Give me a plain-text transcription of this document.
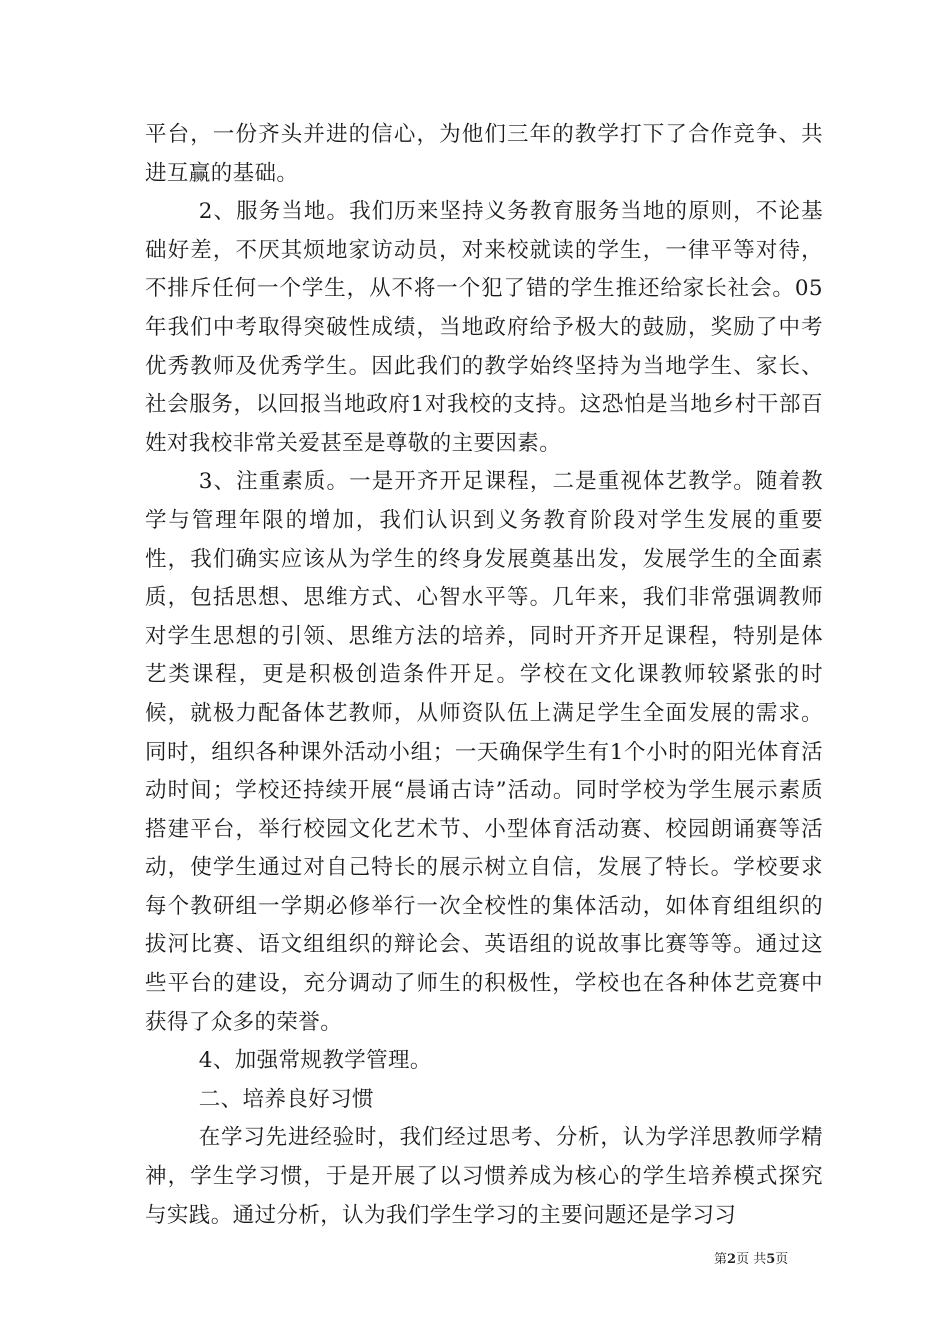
平台，一份齐头并进的信心，为他们三年的教学打下了合作竞争、共进互赢的基础。

2、服务当地。我们历来坚持义务教育服务当地的原则，不论基础好差，不厌其烦地家访动员，对来校就读的学生，一律平等对待，不排斥任何一个学生，从不将一个犯了错的学生推还给家长社会。05年我们中考取得突破性成绩，当地政府给予极大的鼓励，奖励了中考优秀教师及优秀学生。因此我们的教学始终坚持为当地学生、家长、社会服务，以回报当地政府1对我校的支持。这恐怕是当地乡村干部百姓对我校非常关爱甚至是尊敬的主要因素。

3、注重素质。一是开齐开足课程，二是重视体艺教学。随着教学与管理年限的增加，我们认识到义务教育阶段对学生发展的重要性，我们确实应该从为学生的终身发展奠基出发，发展学生的全面素质，包括思想、思维方式、心智水平等。几年来，我们非常强调教师对学生思想的引领、思维方法的培养，同时开齐开足课程，特别是体艺类课程，更是积极创造条件开足。学校在文化课教师较紧张的时候，就极力配备体艺教师，从师资队伍上满足学生全面发展的需求。同时，组织各种课外活动小组；一天确保学生有1个小时的阳光体育活动时间；学校还持续开展“晨诵古诗”活动。同时学校为学生展示素质搭建平台，举行校园文化艺术节、小型体育活动赛、校园朗诵赛等活动，使学生通过对自己特长的展示树立自信，发展了特长。学校要求每个教研组一学期必修举行一次全校性的集体活动，如体育组组织的拔河比赛、语文组组织的辩论会、英语组的说故事比赛等等。通过这些平台的建设，充分调动了师生的积极性，学校也在各种体艺竞赛中获得了众多的荣誉。

4、加强常规教学管理。

二、培养良好习惯

在学习先进经验时，我们经过思考、分析，认为学洋思教师学精神，学生学习惯，于是开展了以习惯养成为核心的学生培养模式探究与实践。通过分析，认为我们学生学习的主要问题还是学习习

第2页 共5页
